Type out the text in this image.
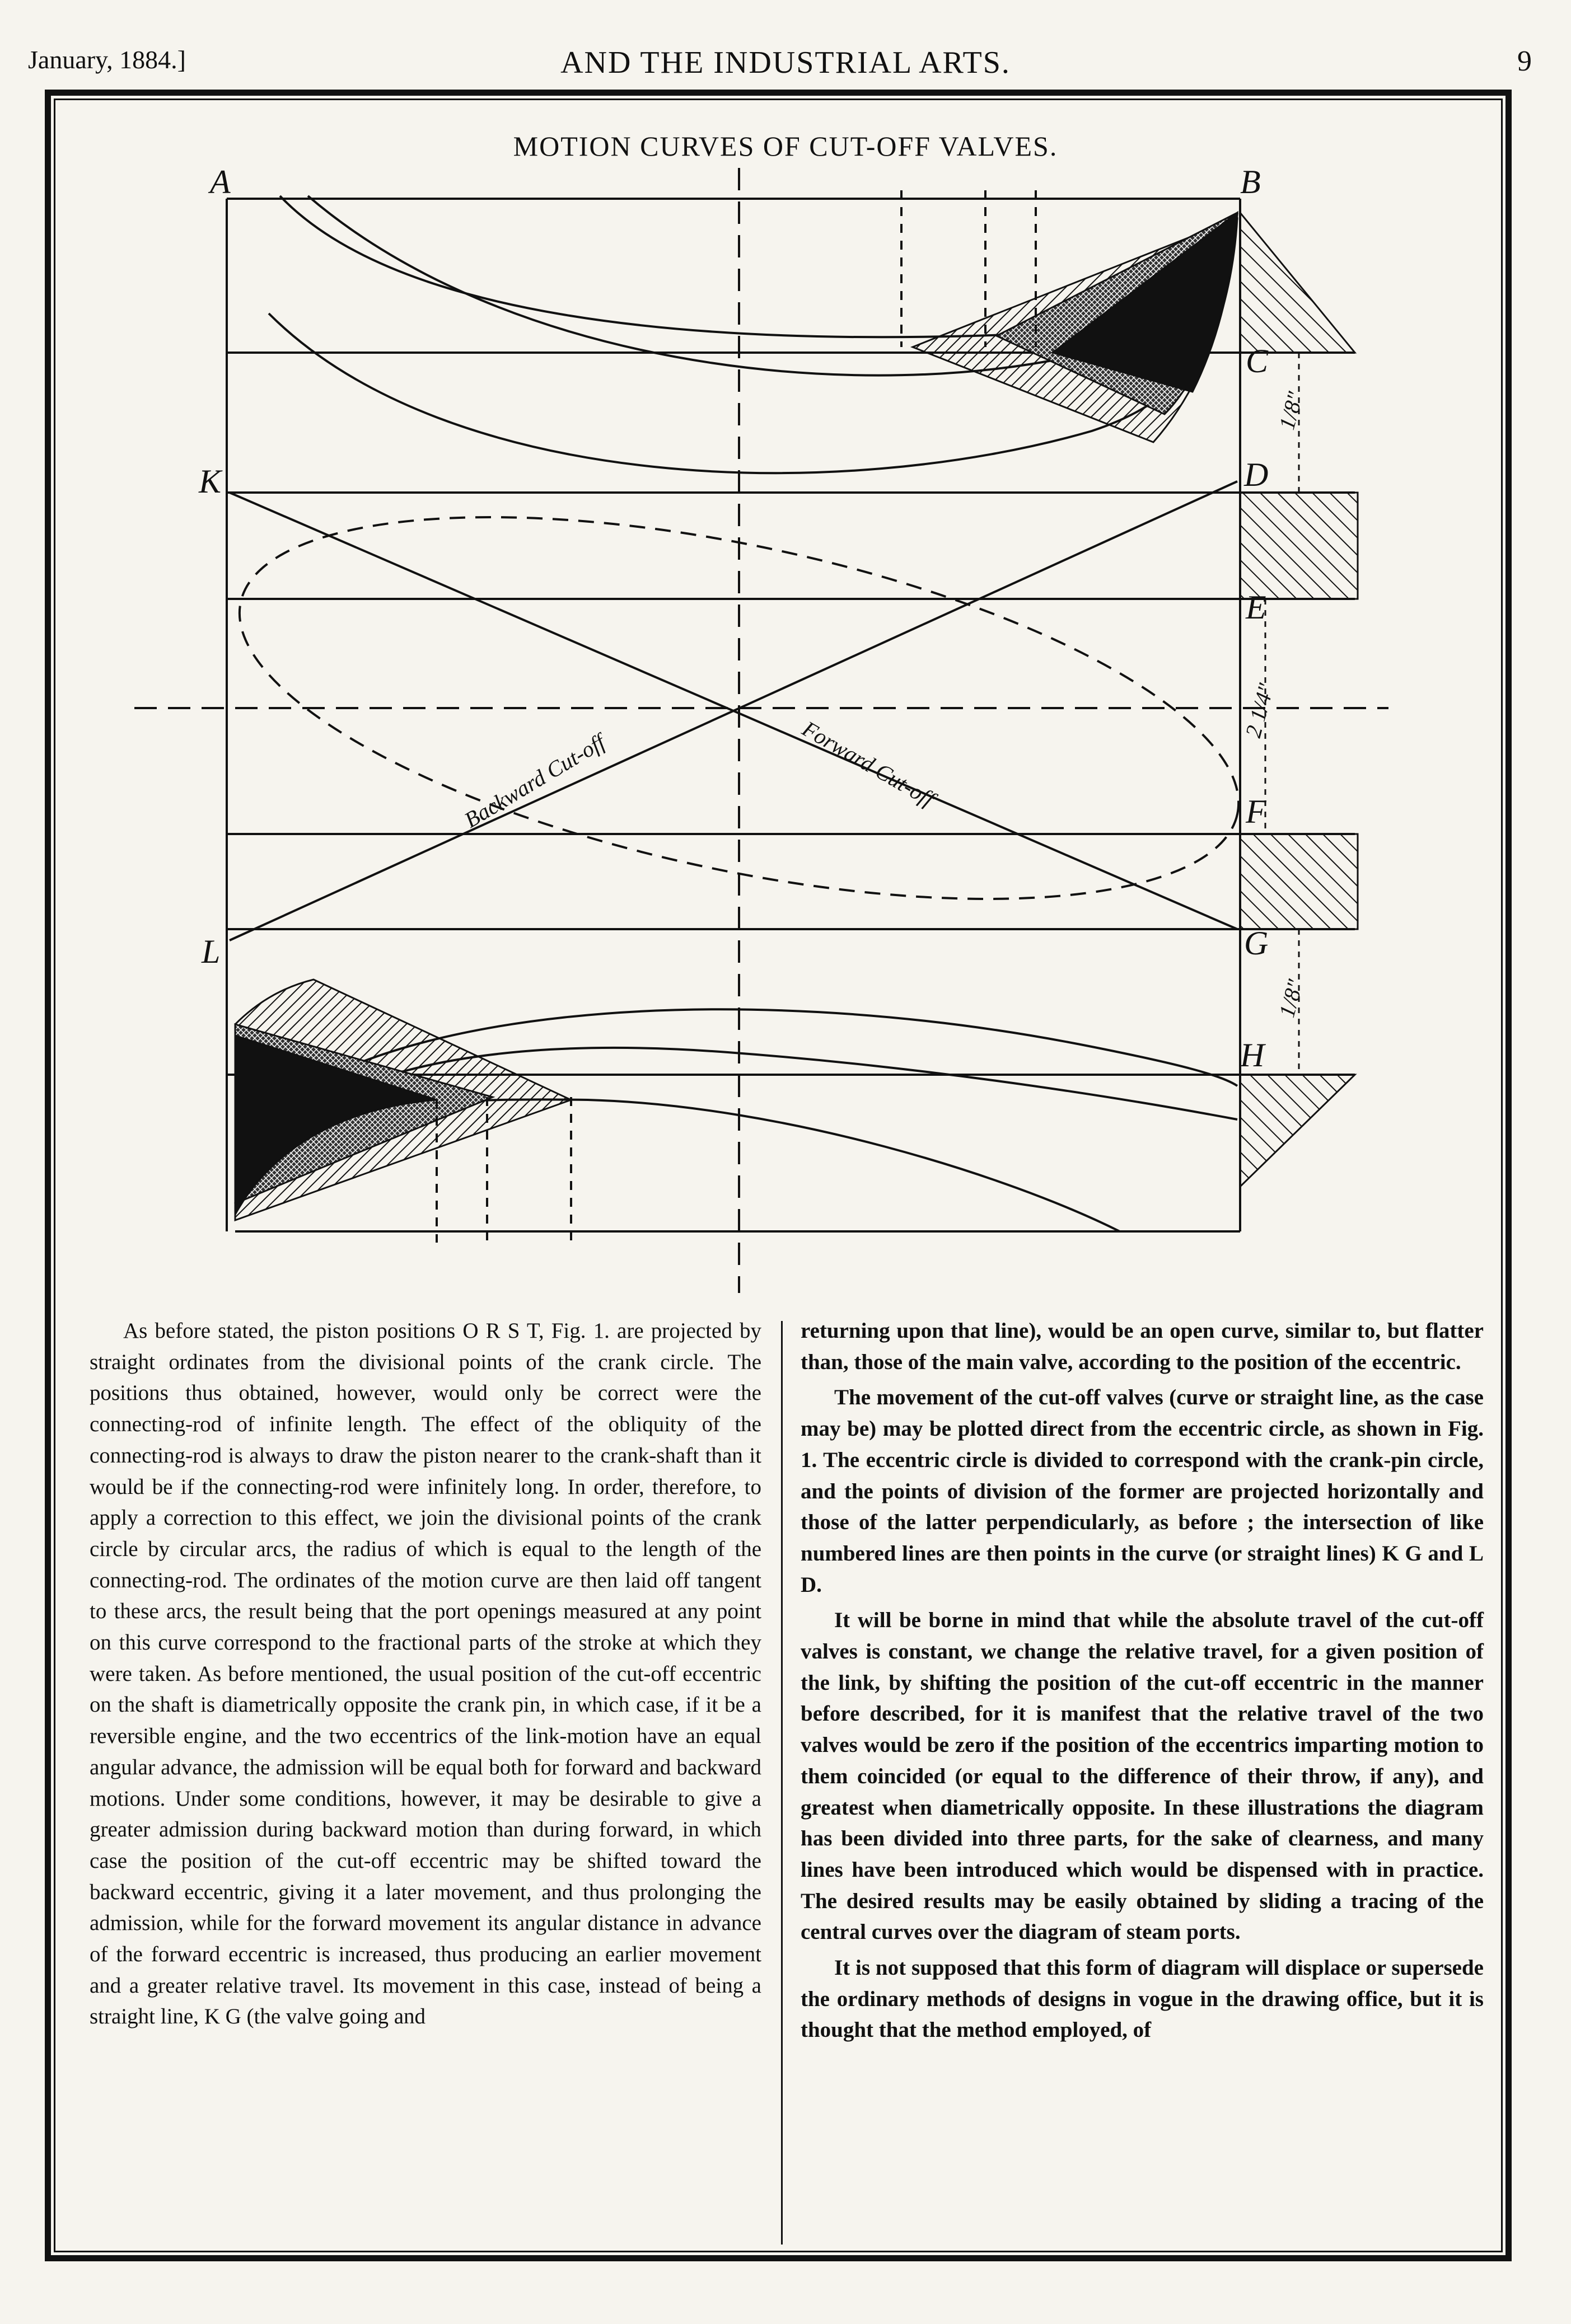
January, 1884.]	AND THE INDUSTRIAL ARTS.	9
MOTION CURVES OF CUT-OFF VALVES.
A	B
C
D
E
F
G
H
K
L
Backward Cut-off	Forward Cut-off
1/8"
2 1/4"
1/8"

As before stated, the piston positions O R S T, Fig. 1. are projected by straight ordinates from the divisional points of the crank circle. The positions thus obtained, however, would only be correct were the connecting-rod of infinite length. The effect of the obliquity of the connecting-rod is always to draw the piston nearer to the crank-shaft than it would be if the connecting-rod were infinitely long. In order, therefore, to apply a correction to this effect, we join the divisional points of the crank circle by circular arcs, the radius of which is equal to the length of the connecting-rod. The ordinates of the motion curve are then laid off tangent to these arcs, the result being that the port openings measured at any point on this curve correspond to the fractional parts of the stroke at which they were taken. As before mentioned, the usual position of the cut-off eccentric on the shaft is diametrically opposite the crank pin, in which case, if it be a reversible engine, and the two eccentrics of the link-motion have an equal angular advance, the admission will be equal both for forward and backward motions. Under some conditions, however, it may be desirable to give a greater admission during backward motion than during forward, in which case the position of the cut-off eccentric may be shifted toward the backward eccentric, giving it a later movement, and thus prolonging the admission, while for the forward movement its angular distance in advance of the forward eccentric is increased, thus producing an earlier movement and a greater relative travel. Its movement in this case, instead of being a straight line, K G (the valve going and

returning upon that line), would be an open curve, similar to, but flatter than, those of the main valve, according to the position of the eccentric.

The movement of the cut-off valves (curve or straight line, as the case may be) may be plotted direct from the eccentric circle, as shown in Fig. 1. The eccentric circle is divided to correspond with the crank-pin circle, and the points of division of the former are projected horizontally and those of the latter perpendicularly, as before ; the intersection of like numbered lines are then points in the curve (or straight lines) K G and L D.

It will be borne in mind that while the absolute travel of the cut-off valves is constant, we change the relative travel, for a given position of the link, by shifting the position of the cut-off eccentric in the manner before described, for it is manifest that the relative travel of the two valves would be zero if the position of the eccentrics imparting motion to them coincided (or equal to the difference of their throw, if any), and greatest when diametrically opposite. In these illustrations the diagram has been divided into three parts, for the sake of clearness, and many lines have been introduced which would be dispensed with in practice. The desired results may be easily obtained by sliding a tracing of the central curves over the diagram of steam ports.

It is not supposed that this form of diagram will displace or supersede the ordinary methods of designs in vogue in the drawing office, but it is thought that the method employed, of
